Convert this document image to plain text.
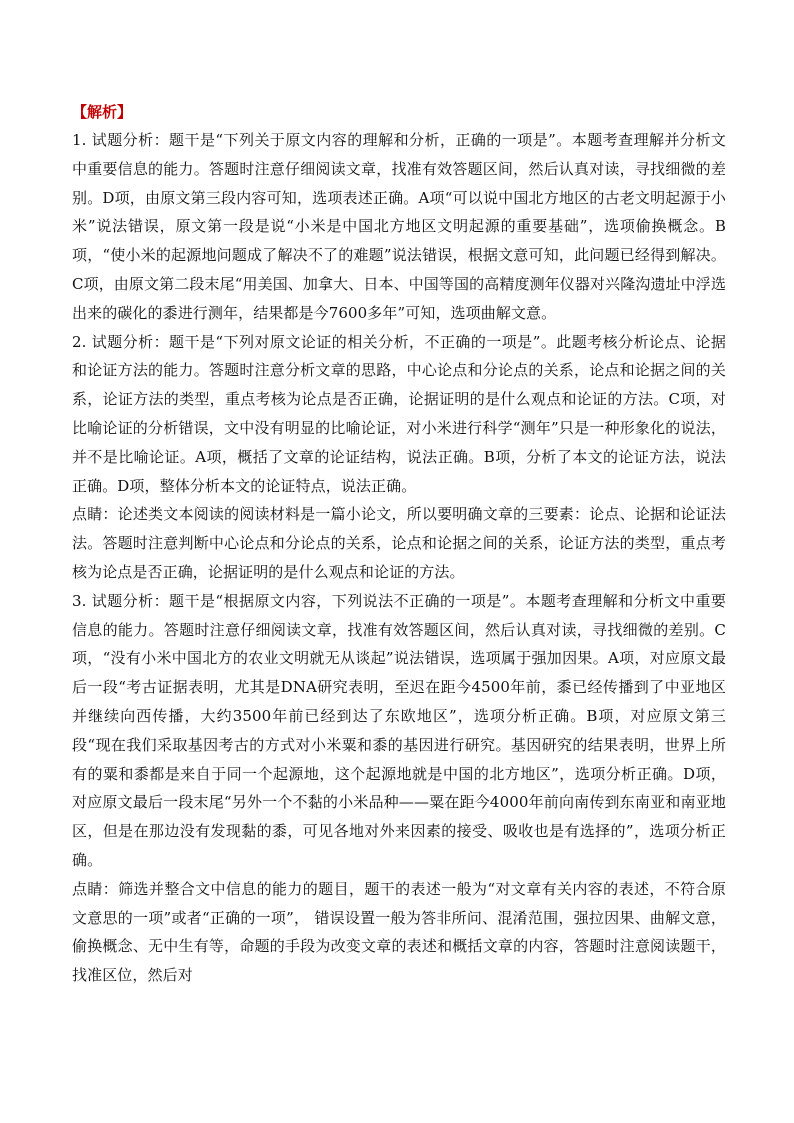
【解析】

1. 试题分析：题干是“下列关于原文内容的理解和分析，正确的一项是”。本题考查理解并分析文中重要信息的能力。答题时注意仔细阅读文章，找准有效答题区间，然后认真对读，寻找细微的差别。D项，由原文第三段内容可知，选项表述正确。A项“可以说中国北方地区的古老文明起源于小米”说法错误，原文第一段是说“小米是中国北方地区文明起源的重要基础”，选项偷换概念。B项，“使小米的起源地问题成了解决不了的难题”说法错误，根据文意可知，此问题已经得到解决。C项，由原文第二段末尾“用美国、加拿大、日本、中国等国的高精度测年仪器对兴隆沟遗址中浮选出来的碳化的黍进行测年，结果都是今7600多年”可知，选项曲解文意。

2. 试题分析：题干是“下列对原文论证的相关分析，不正确的一项是”。此题考核分析论点、论据和论证方法的能力。答题时注意分析文章的思路，中心论点和分论点的关系，论点和论据之间的关系，论证方法的类型，重点考核为论点是否正确，论据证明的是什么观点和论证的方法。C项，对比喻论证的分析错误，文中没有明显的比喻论证，对小米进行科学“测年”只是一种形象化的说法，并不是比喻论证。A项，概括了文章的论证结构，说法正确。B项，分析了本文的论证方法，说法正确。D项，整体分析本文的论证特点，说法正确。

点睛：论述类文本阅读的阅读材料是一篇小论文，所以要明确文章的三要素：论点、论据和论证法法。答题时注意判断中心论点和分论点的关系，论点和论据之间的关系，论证方法的类型，重点考核为论点是否正确，论据证明的是什么观点和论证的方法。

3. 试题分析：题干是“根据原文内容，下列说法不正确的一项是”。本题考查理解和分析文中重要信息的能力。答题时注意仔细阅读文章，找准有效答题区间，然后认真对读，寻找细微的差别。C项，“没有小米中国北方的农业文明就无从谈起”说法错误，选项属于强加因果。A项，对应原文最后一段“考古证据表明，尤其是DNA研究表明，至迟在距今4500年前，黍已经传播到了中亚地区并继续向西传播，大约3500年前已经到达了东欧地区”，选项分析正确。B项，对应原文第三段“现在我们采取基因考古的方式对小米粟和黍的基因进行研究。基因研究的结果表明，世界上所有的粟和黍都是来自于同一个起源地，这个起源地就是中国的北方地区”，选项分析正确。D项，对应原文最后一段末尾“另外一个不黏的小米品种——粟在距今4000年前向南传到东南亚和南亚地区，但是在那边没有发现黏的黍，可见各地对外来因素的接受、吸收也是有选择的”，选项分析正确。

点睛：筛选并整合文中信息的能力的题目，题干的表述一般为“对文章有关内容的表述，不符合原文意思的一项”或者“正确的一项”， 错误设置一般为答非所问、混淆范围，强拉因果、曲解文意，偷换概念、无中生有等，命题的手段为改变文章的表述和概括文章的内容，答题时注意阅读题干，找准区位，然后对
